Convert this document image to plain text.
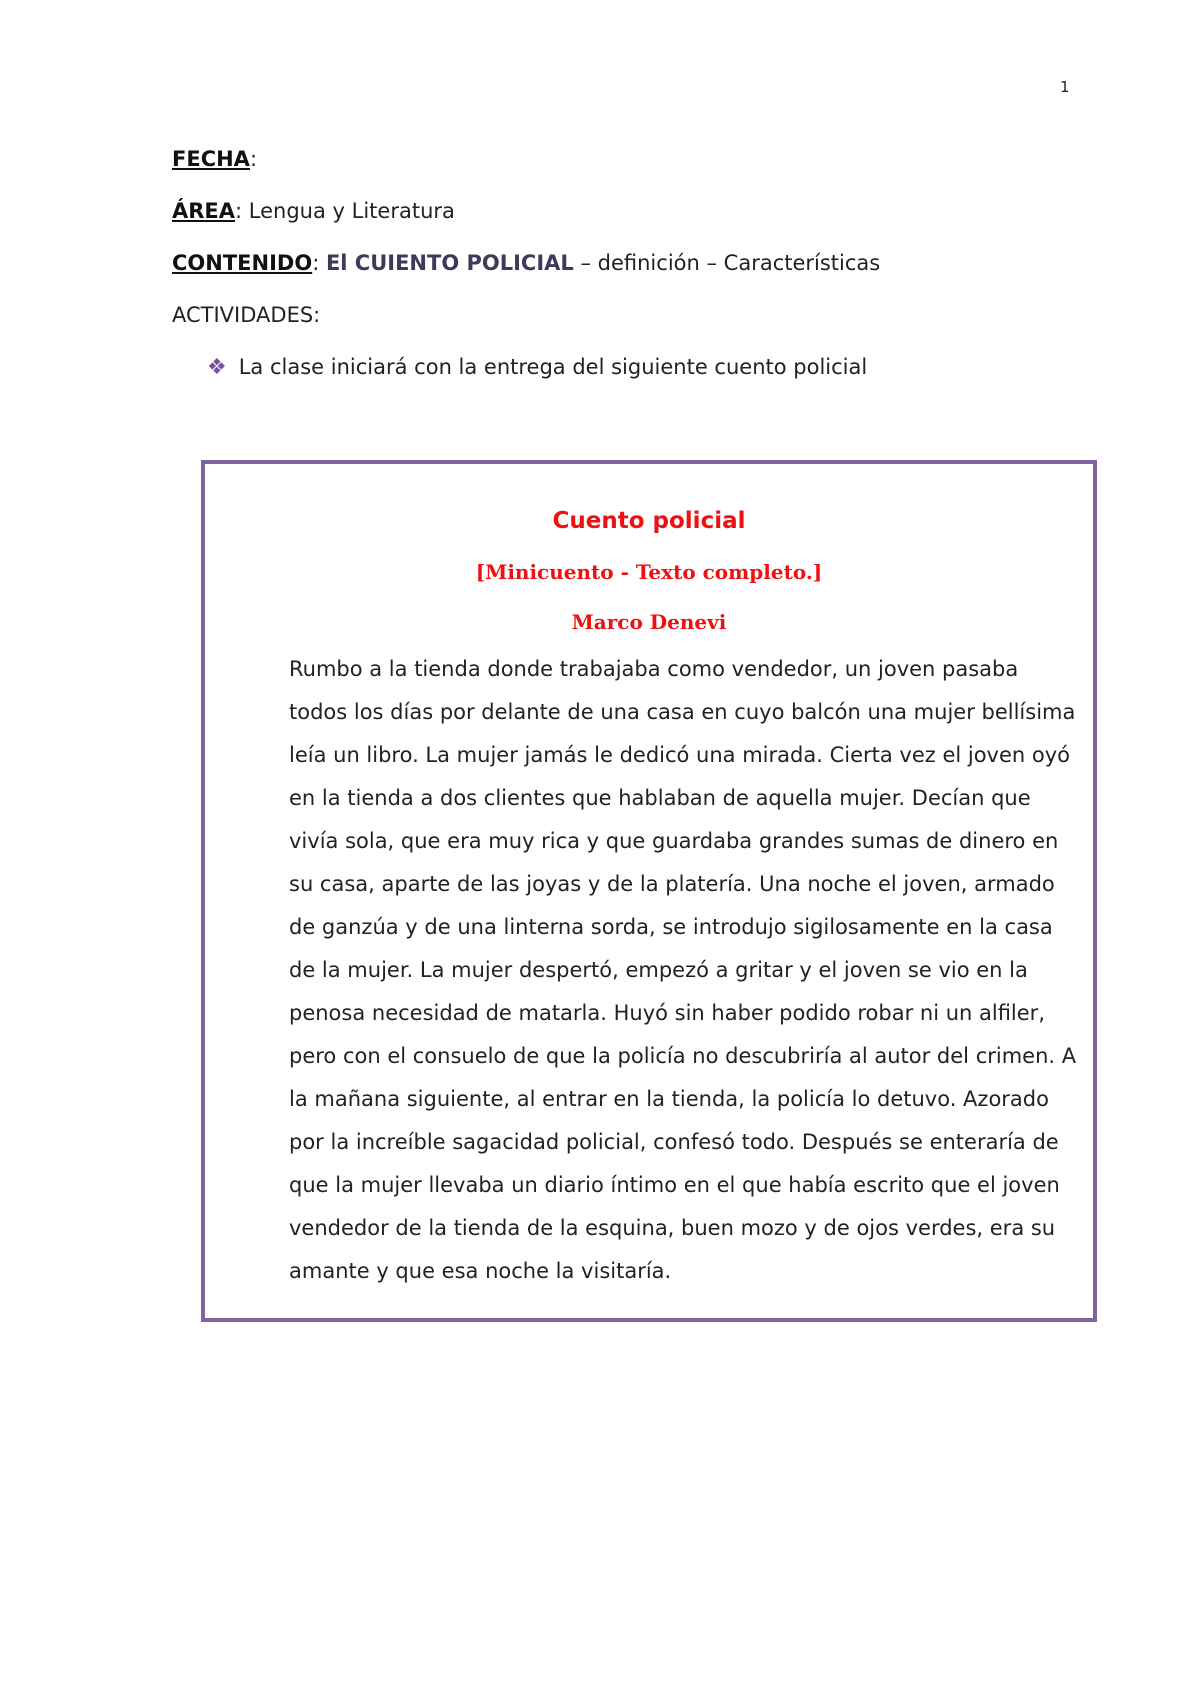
1
FECHA:
ÁREA: Lengua y Literatura
CONTENIDO: El CUIENTO POLICIAL – definición – Características
ACTIVIDADES:
❖ La clase iniciará con la entrega del siguiente cuento policial
Cuento policial
[Minicuento - Texto completo.]
Marco Denevi

Rumbo a la tienda donde trabajaba como vendedor, un joven pasaba todos los días por delante de una casa en cuyo balcón una mujer bellísima leía un libro. La mujer jamás le dedicó una mirada. Cierta vez el joven oyó en la tienda a dos clientes que hablaban de aquella mujer. Decían que vivía sola, que era muy rica y que guardaba grandes sumas de dinero en su casa, aparte de las joyas y de la platería. Una noche el joven, armado de ganzúa y de una linterna sorda, se introdujo sigilosamente en la casa de la mujer. La mujer despertó, empezó a gritar y el joven se vio en la penosa necesidad de matarla. Huyó sin haber podido robar ni un alfiler, pero con el consuelo de que la policía no descubriría al autor del crimen. A la mañana siguiente, al entrar en la tienda, la policía lo detuvo. Azorado por la increíble sagacidad policial, confesó todo. Después se enteraría de que la mujer llevaba un diario íntimo en el que había escrito que el joven vendedor de la tienda de la esquina, buen mozo y de ojos verdes, era su amante y que esa noche la visitaría.
